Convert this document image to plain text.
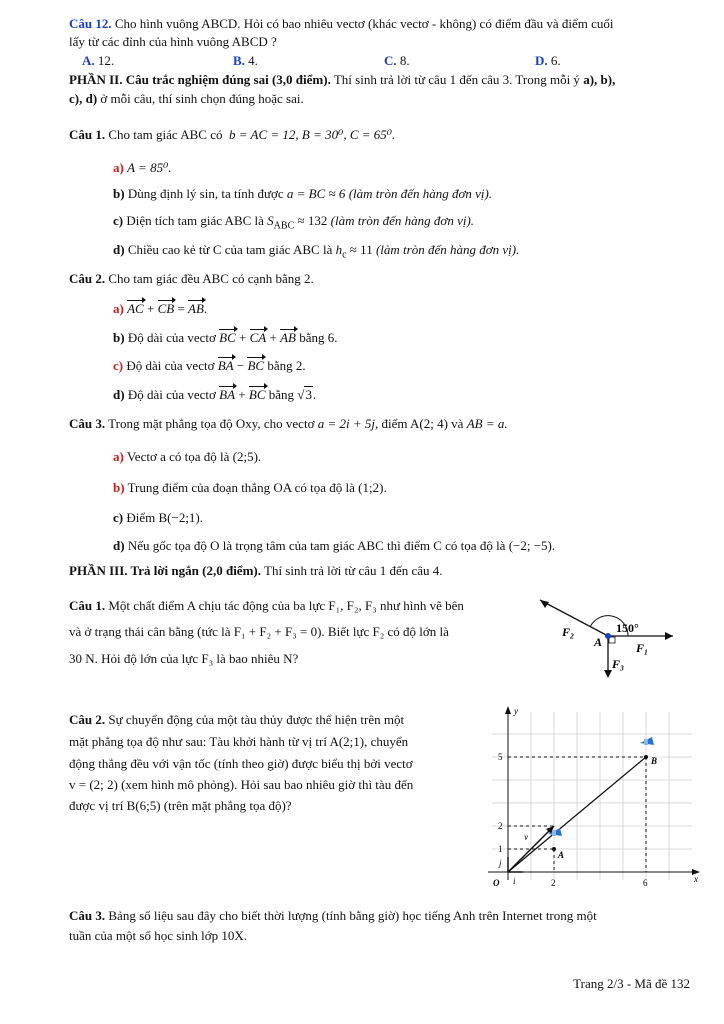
Câu 12. Cho hình vuông ABCD. Hỏi có bao nhiêu vectơ (khác vectơ - không) có điểm đầu và điểm cuối
lấy từ các đỉnh của hình vuông ABCD ?
A. 12.	B. 4.	C. 8.	D. 6.
PHẦN II. Câu trắc nghiệm đúng sai (3,0 điểm). Thí sinh trả lời từ câu 1 đến câu 3. Trong mỗi ý a), b),
c), d) ở mỗi câu, thí sinh chọn đúng hoặc sai.
Câu 1. Cho tam giác ABC có b = AC = 12, B = 30⁰, C = 65⁰.
a) A = 85⁰.
b) Dùng định lý sin, ta tính được a = BC ≈ 6 (làm tròn đến hàng đơn vị).
c) Diện tích tam giác ABC là $S_{ABC} \approx 132$ (làm tròn đến hàng đơn vị).
d) Chiều cao kẻ từ C của tam giác ABC là $h_c \approx 11$ (làm tròn đến hàng đơn vị).
Câu 2. Cho tam giác đều ABC có cạnh bằng 2.
a) AC + CB = AB.
b) Độ dài của vectơ BC + CA + AB bằng 6.
c) Độ dài của vectơ BA − BC bằng 2.
d) Độ dài của vectơ BA + BC bằng √3.
Câu 3. Trong mặt phẳng tọa độ Oxy, cho vectơ a = 2i + 5j, điểm A(2; 4) và AB = a.
a) Vectơ a có tọa độ là (2;5).
b) Trung điểm của đoạn thẳng OA có tọa độ là (1;2).
c) Điểm B(−2;1).
d) Nếu gốc tọa độ O là trọng tâm của tam giác ABC thì điểm C có tọa độ là (−2; −5).
PHẦN III. Trả lời ngắn (2,0 điểm). Thí sinh trả lời từ câu 1 đến câu 4.
Câu 1. Một chất điểm A chịu tác động của ba lực F₁, F₂, F₃ như hình vẽ bên
và ở trạng thái cân bằng (tức là F₁ + F₂ + F₃ = 0). Biết lực F₂ có độ lớn là
30 N. Hỏi độ lớn của lực F₃ là bao nhiêu N?
150°
A	F₁
F₂
F₃
Câu 2. Sự chuyển động của một tàu thủy được thể hiện trên một
mặt phẳng tọa độ như sau: Tàu khởi hành từ vị trí A(2;1), chuyển
động thẳng đều với vận tốc (tính theo giờ) được biểu thị bởi vectơ
v = (2; 2) (xem hình mô phỏng). Hỏi sau bao nhiêu giờ thì tàu đến
được vị trí B(6;5) (trên mặt phẳng tọa độ)?
y
x
O	2	6
1
2
5
A
B
v
i
j
Câu 3. Bảng số liệu sau đây cho biết thời lượng (tính bằng giờ) học tiếng Anh trên Internet trong một
tuần của một số học sinh lớp 10X.
Trang 2/3 - Mã đề 132
